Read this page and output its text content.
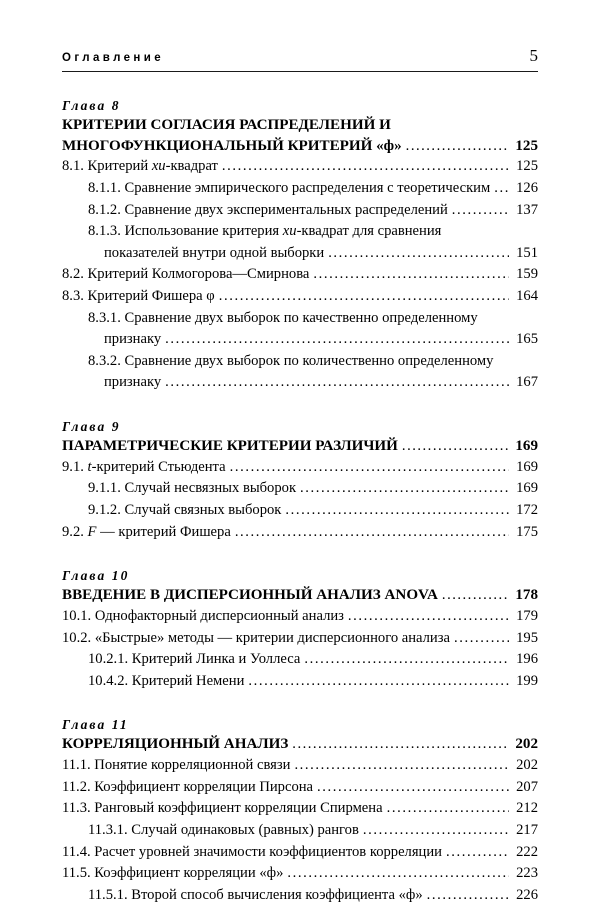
Оглавление	5
Глава 8
КРИТЕРИИ СОГЛАСИЯ РАСПРЕДЕЛЕНИЙ И
МНОГОФУНКЦИОНАЛЬНЫЙ КРИТЕРИЙ «ф» .....	125
8.1. Критерий хи-квадрат .....	125
8.1.1. Сравнение эмпирического распределения с теоретическим ..... 126
8.1.2. Сравнение двух экспериментальных распределений .....	137
8.1.3. Использование критерия хи-квадрат для сравнения
показателей внутри одной выборки .....	151
8.2. Критерий Колмогорова—Смирнова .....	159
8.3. Критерий Фишера φ .....	164
8.3.1. Сравнение двух выборок по качественно определенному
признаку .....	165
8.3.2. Сравнение двух выборок по количественно определенному
признаку .....	167
Глава 9
ПАРАМЕТРИЧЕСКИЕ КРИТЕРИИ РАЗЛИЧИЙ .....	169
9.1. t-критерий Стьюдента .....	169
9.1.1. Случай несвязных выборок .....	169
9.1.2. Случай связных выборок .....	172
9.2. F — критерий Фишера .....	175
Глава 10
ВВЕДЕНИЕ В ДИСПЕРСИОННЫЙ АНАЛИЗ ANOVA .....	178
10.1. Однофакторный дисперсионный анализ .....	179
10.2. «Быстрые» методы — критерии дисперсионного анализа .....	195
10.2.1. Критерий Линка и Уоллеса .....	196
10.4.2. Критерий Немени .....	199
Глава 11
КОРРЕЛЯЦИОННЫЙ АНАЛИЗ .....	202
11.1. Понятие корреляционной связи .....	202
11.2. Коэффициент корреляции Пирсона .....	207
11.3. Ранговый коэффициент корреляции Спирмена .....	212
11.3.1. Случай одинаковых (равных) рангов .....	217
11.4. Расчет уровней значимости коэффициентов корреляции .....	222
11.5. Коэффициент корреляции «ф» .....	223
11.5.1. Второй способ вычисления коэффициента «ф» .....	226
